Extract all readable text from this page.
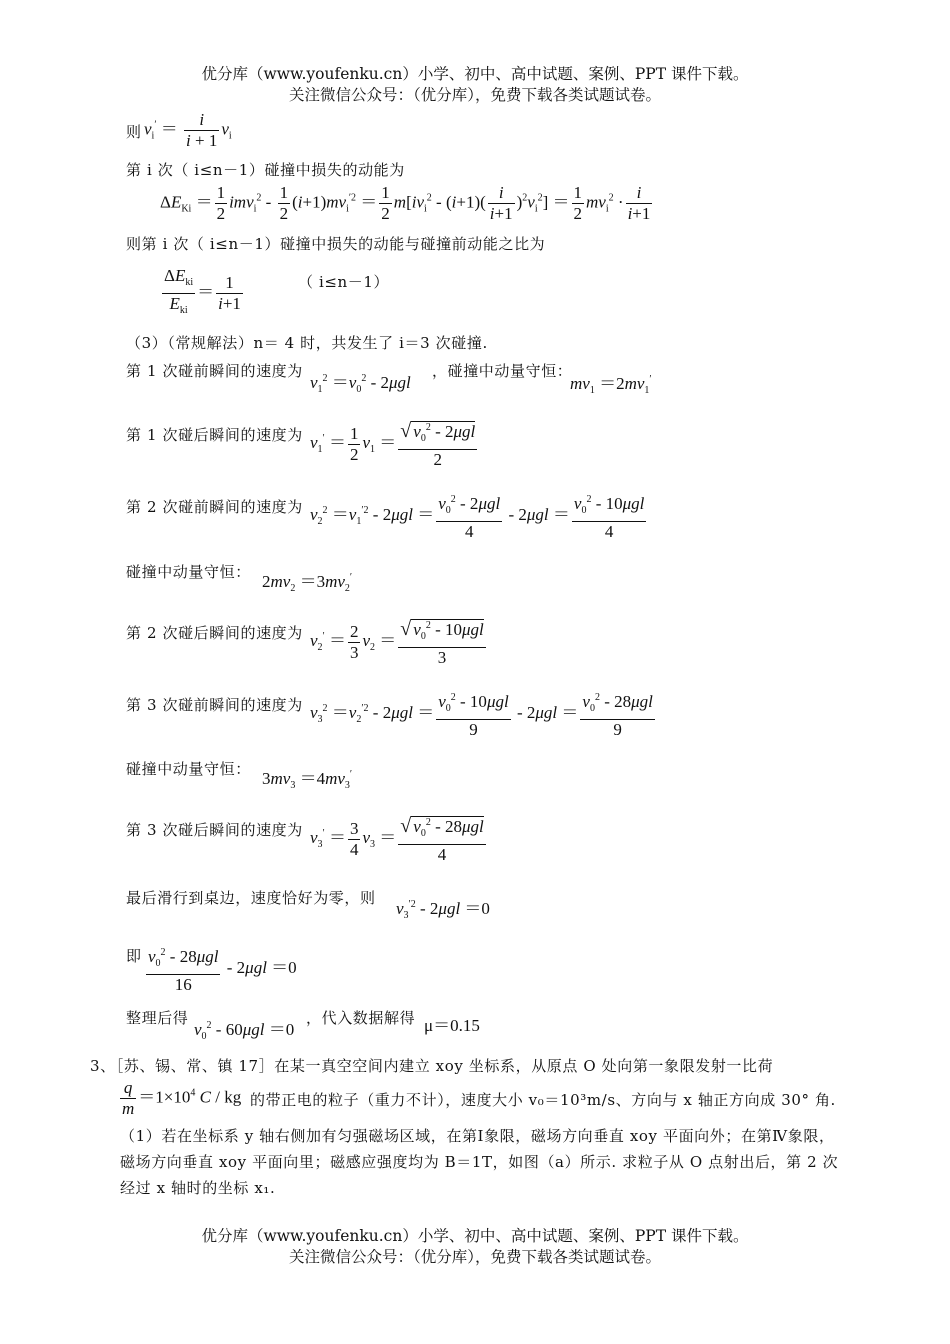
优分库（www.youfenku.cn）小学、初中、高中试题、案例、PPT 课件下载。
关注微信公众号：（优分库），免费下载各类试题试卷。
则 $v_i' = \frac{i}{i + 1} v_i$
第 i 次（ i≤n－1）碰撞中损失的动能为
$\Delta E_{Ki} = \frac{1}{2} imv_i^2 - \frac{1}{2} (i+1)mv_i^{'2} = \frac{1}{2} m[iv_i^2 - (i+1)( \frac{i}{i+1} )^2v_i^2] = \frac{1}{2} mv_i^2 \cdot \frac{i}{i+1}$
则第 i 次（ i≤n－1）碰撞中损失的动能与碰撞前动能之比为
$\frac{\Delta E_{ki}}{E_{ki}} = \frac{1}{i+1}$	（ i≤n－1）
（3）（常规解法）n＝ 4 时，共发生了 i＝3 次碰撞.
第 1 次碰前瞬间的速度为
$v_1^2 =v_0^2 - 2\mu gl$
，碰撞中动量守恒：
$mv_1 =2mv_1'$
第 1 次碰后瞬间的速度为 $v_1' = \frac{1}{2} v_1 = \frac{√ v_0^2 - 2\mu gl}{2}$
第 2 次碰前瞬间的速度为 $v_2^2 =v_1^{'2} - 2\mu gl = \frac{v_0^2 - 2\mu gl}{4} - 2\mu gl = \frac{v_0^2 - 10\mu gl}{4}$
碰撞中动量守恒： $2mv_2 =3mv_2'$
第 2 次碰后瞬间的速度为 $v_2' = \frac{2}{3} v_2 = \frac{√ v_0^2 - 10\mu gl}{3}$
第 3 次碰前瞬间的速度为 $v_3^2 =v_2^{'2} - 2\mu gl = \frac{v_0^2 - 10\mu gl}{9} - 2\mu gl = \frac{v_0^2 - 28\mu gl}{9}$
碰撞中动量守恒： $3mv_3 =4mv_3'$
第 3 次碰后瞬间的速度为 $v_3' = \frac{3}{4} v_3 = \frac{√ v_0^2 - 28\mu gl}{4}$
最后滑行到桌边，速度恰好为零，则
$v_3^{'2} - 2\mu gl =0$
即 $\frac{v_0^2 - 28\mu gl}{16} - 2\mu gl =0$
整理后得
$v_0^2 - 60\mu gl =0$
，代入数据解得 μ＝0.15
3、［苏、锡、常、镇 17］在某一真空空间内建立 xoy 坐标系，从原点 O 处向第一象限发射一比荷
$\frac{q}{m} =1\times 10^4$ C / kg 的带正电的粒子（重力不计），速度大小 v₀＝10³m/s、方向与 x 轴正方向成 30° 角.
（1）若在坐标系 y 轴右侧加有匀强磁场区域，在第Ⅰ象限，磁场方向垂直 xoy 平面向外；在第Ⅳ象限，
磁场方向垂直 xoy 平面向里；磁感应强度均为 B＝1T，如图（a）所示. 求粒子从 O 点射出后，第 2 次
经过 x 轴时的坐标 x₁.
优分库（www.youfenku.cn）小学、初中、高中试题、案例、PPT 课件下载。
关注微信公众号：（优分库），免费下载各类试题试卷。
